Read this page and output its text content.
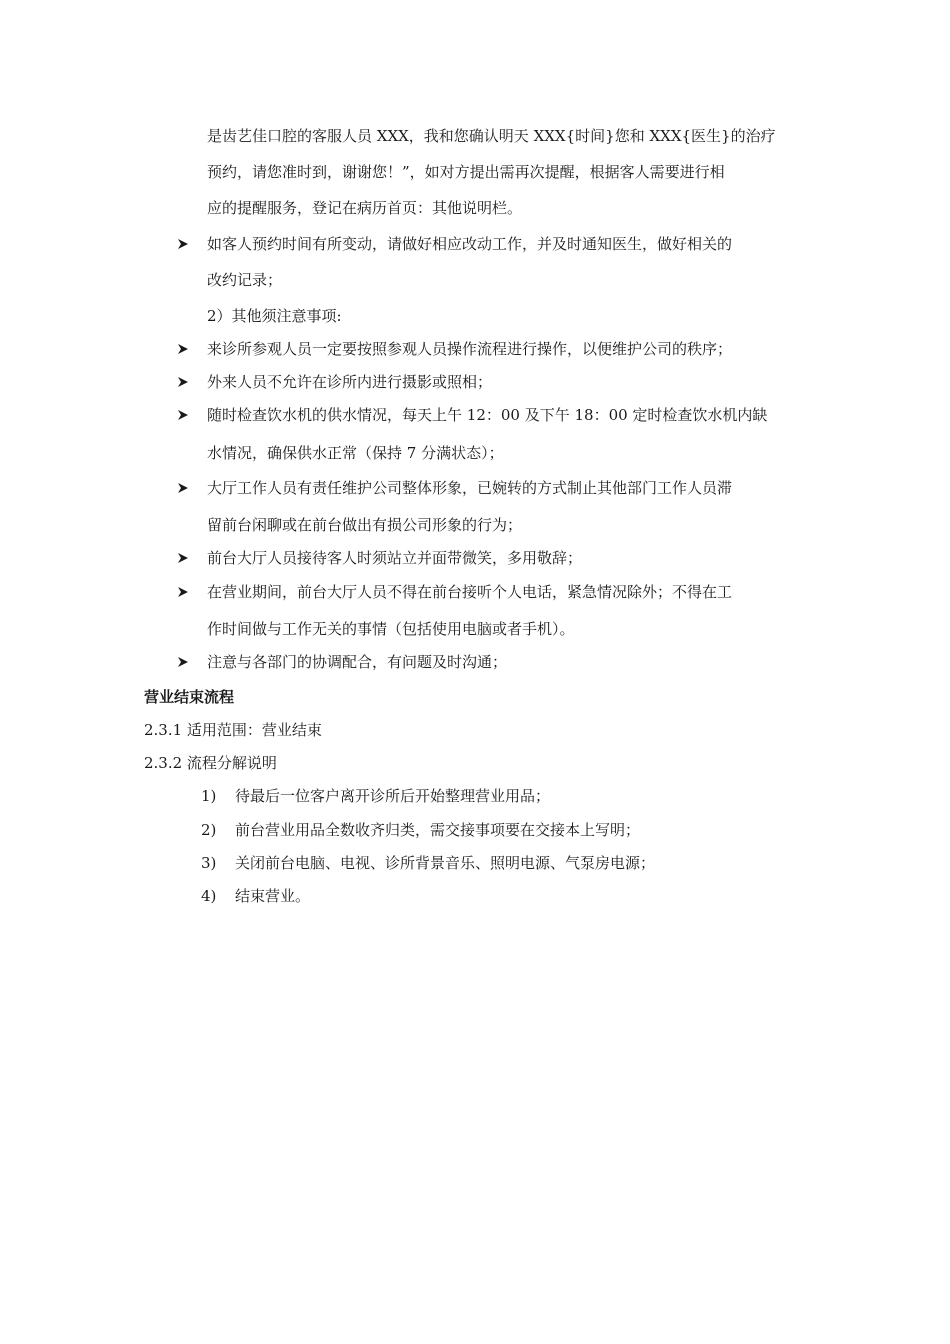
是齿艺佳口腔的客服人员 XXX，我和您确认明天 XXX{时间}您和 XXX{医生}的治疗
预约，请您准时到，谢谢您！”，如对方提出需再次提醒，根据客人需要进行相
应的提醒服务，登记在病历首页：其他说明栏。
如客人预约时间有所变动，请做好相应改动工作，并及时通知医生，做好相关的
改约记录；
2）其他须注意事项:
来诊所参观人员一定要按照参观人员操作流程进行操作，以便维护公司的秩序；
外来人员不允许在诊所内进行摄影或照相；
随时检查饮水机的供水情况，每天上午 12：00 及下午 18：00 定时检查饮水机内缺
水情况，确保供水正常（保持 7 分满状态）；
大厅工作人员有责任维护公司整体形象，已婉转的方式制止其他部门工作人员滞
留前台闲聊或在前台做出有损公司形象的行为；
前台大厅人员接待客人时须站立并面带微笑，多用敬辞；
在营业期间，前台大厅人员不得在前台接听个人电话，紧急情况除外；不得在工
作时间做与工作无关的事情（包括使用电脑或者手机）。
注意与各部门的协调配合，有问题及时沟通；
营业结束流程
2.3.1 适用范围：营业结束
2.3.2 流程分解说明
1) 待最后一位客户离开诊所后开始整理营业用品；
2) 前台营业用品全数收齐归类，需交接事项要在交接本上写明；
3) 关闭前台电脑、电视、诊所背景音乐、照明电源、气泵房电源；
4) 结束营业。
